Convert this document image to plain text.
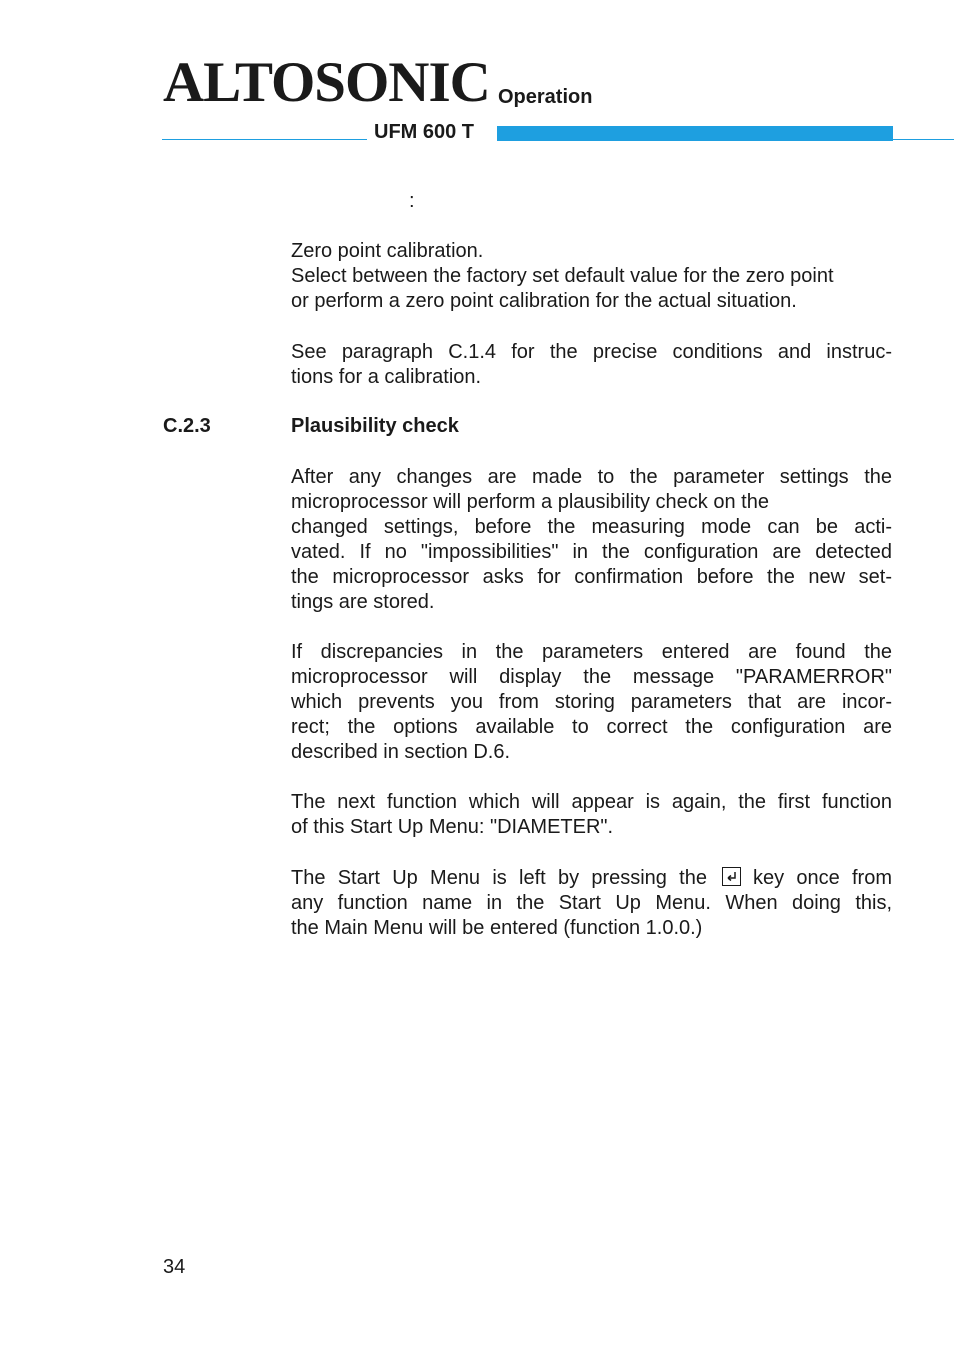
ALTOSONIC Operation
UFM 600 T
:
Zero point calibration.
Select between the factory set default value for the zero point
or perform a zero point calibration for the actual situation.
See paragraph C.1.4 for the precise conditions and instruc-
tions for a calibration.
C.2.3	Plausibility check
After any changes are made to the parameter settings the
microprocessor will perform a plausibility check on the
changed settings, before the measuring mode can be acti-
vated. If no "impossibilities" in the configuration are detected
the microprocessor asks for confirmation before the new set-
tings are stored.
If discrepancies in the parameters entered are found the
microprocessor will display the message "PARAMERROR"
which prevents you from storing parameters that are incor-
rect; the options available to correct the configuration are
described in section D.6.
The next function which will appear is again, the first function
of this Start Up Menu: "DIAMETER".
The Start Up Menu is left by pressing the key once from
any function name in the Start Up Menu. When doing this,
the Main Menu will be entered (function 1.0.0.)
34
